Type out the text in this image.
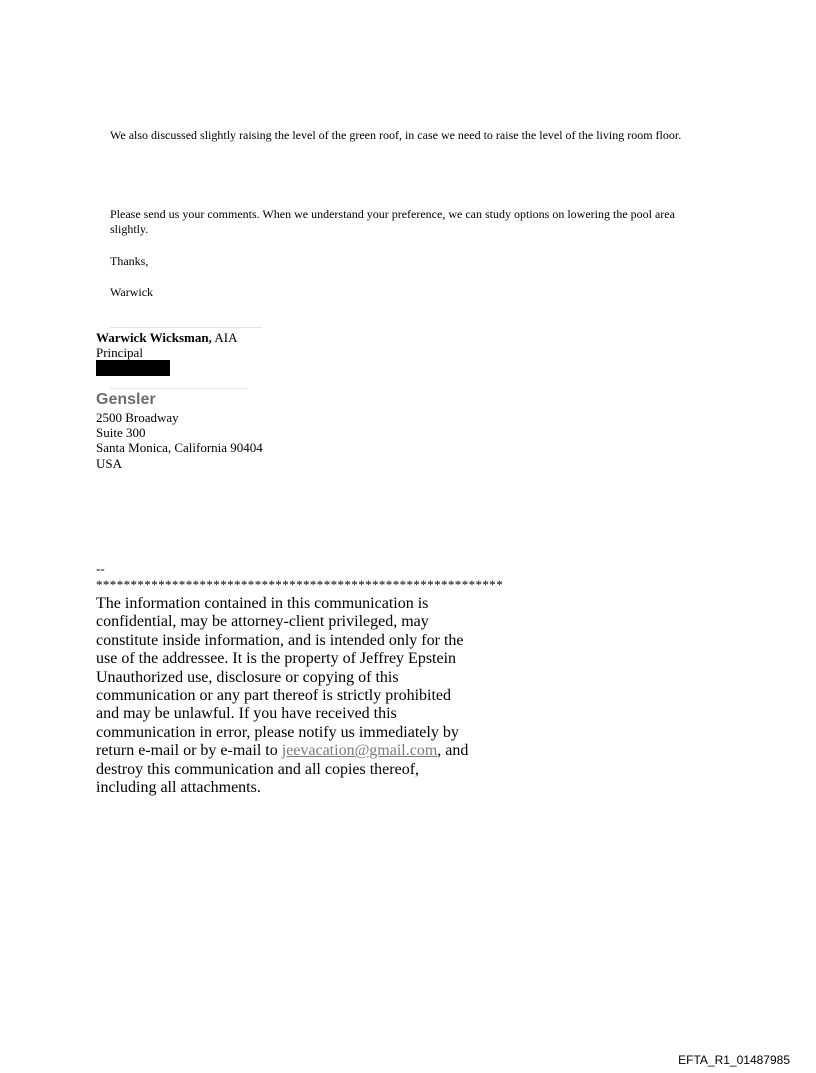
We also discussed slightly raising the level of the green roof, in case we need to raise the level of the living room floor.
Please send us your comments. When we understand your preference, we can study options on lowering the pool area slightly.
Thanks,
Warwick
Warwick Wicksman, AIA
Principal
Gensler
2500 Broadway
Suite 300
Santa Monica, California 90404
USA
--
***********************************************************
The information contained in this communication is confidential, may be attorney-client privileged, may constitute inside information, and is intended only for the use of the addressee. It is the property of Jeffrey Epstein Unauthorized use, disclosure or copying of this communication or any part thereof is strictly prohibited and may be unlawful. If you have received this communication in error, please notify us immediately by return e-mail or by e-mail to jeevacation@gmail.com, and destroy this communication and all copies thereof, including all attachments.
EFTA_R1_01487985
